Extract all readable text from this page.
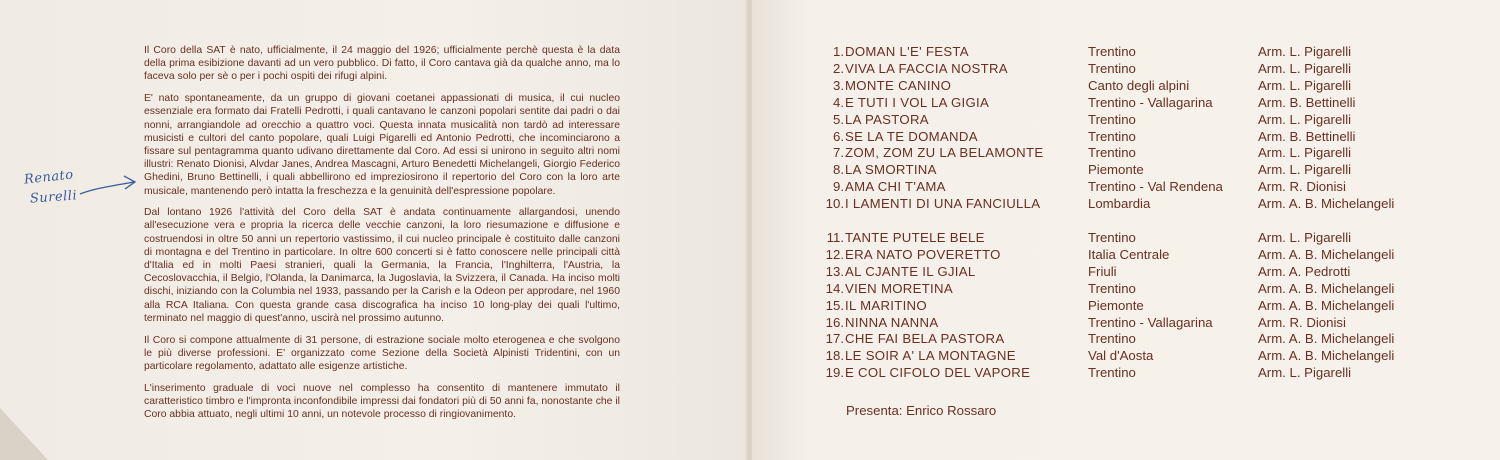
Il Coro della SAT è nato, ufficialmente, il 24 maggio del 1926; ufficialmente perchè questa è la data della prima esibizione davanti ad un vero pubblico. Di fatto, il Coro cantava già da qualche anno, ma lo faceva solo per sè o per i pochi ospiti dei rifugi alpini.

E' nato spontaneamente, da un gruppo di giovani coetanei appassionati di musica, il cui nucleo essenziale era formato dai Fratelli Pedrotti, i quali cantavano le canzoni popolari sentite dai padri o dai nonni, arrangiandole ad orecchio a quattro voci. Questa innata musicalità non tardò ad interessare musicisti e cultori del canto popolare, quali Luigi Pigarelli ed Antonio Pedrotti, che incominciarono a fissare sul pentagramma quanto udivano direttamente dal Coro. Ad essi si unirono in seguito altri nomi illustri: Renato Dionisi, Alvdar Janes, Andrea Mascagni, Arturo Benedetti Michelangeli, Giorgio Federico Ghedini, Bruno Bettinelli, i quali abbellirono ed impreziosirono il repertorio del Coro con la loro arte musicale, mantenendo però intatta la freschezza e la genuinità dell'espressione popolare.

Dal lontano 1926 l'attività del Coro della SAT è andata continuamente allargandosi, unendo all'esecuzione vera e propria la ricerca delle vecchie canzoni, la loro riesumazione e diffusione e costruendosi in oltre 50 anni un repertorio vastissimo, il cui nucleo principale è costituito dalle canzoni di montagna e del Trentino in particolare. In oltre 600 concerti si è fatto conoscere nelle principali città d'Italia ed in molti Paesi stranieri, quali la Germania, la Francia, l'Inghilterra, l'Austria, la Cecoslovacchia, il Belgio, l'Olanda, la Danimarca, la Jugoslavia, la Svizzera, il Canada. Ha inciso molti dischi, iniziando con la Columbia nel 1933, passando per la Carish e la Odeon per approdare, nel 1960 alla RCA Italiana. Con questa grande casa discografica ha inciso 10 long-play dei quali l'ultimo, terminato nel maggio di quest'anno, uscirà nel prossimo autunno.

Il Coro si compone attualmente di 31 persone, di estrazione sociale molto eterogenea e che svolgono le più diverse professioni. E' organizzato come Sezione della Società Alpinisti Tridentini, con un particolare regolamento, adattato alle esigenze artistiche.

L'inserimento graduale di voci nuove nel complesso ha consentito di mantenere immutato il caratteristico timbro e l'impronta inconfondibile impressi dai fondatori più di 50 anni fa, nonostante che il Coro abbia attuato, negli ultimi 10 anni, un notevole processo di ringiovanimento.

Renato
Surelli
1. DOMAN L'E' FESTA	Trentino	Arm. L. Pigarelli
2. VIVA LA FACCIA NOSTRA	Trentino	Arm. L. Pigarelli
3. MONTE CANINO	Canto degli alpini	Arm. L. Pigarelli
4. E TUTI I VOL LA GIGIA	Trentino - Vallagarina	Arm. B. Bettinelli
5. LA PASTORA	Trentino	Arm. L. Pigarelli
6. SE LA TE DOMANDA	Trentino	Arm. B. Bettinelli
7. ZOM, ZOM ZU LA BELAMONTE	Trentino	Arm. L. Pigarelli
8. LA SMORTINA	Piemonte	Arm. L. Pigarelli
9. AMA CHI T'AMA	Trentino - Val Rendena	Arm. R. Dionisi
10. I LAMENTI DI UNA FANCIULLA	Lombardia	Arm. A. B. Michelangeli
11. TANTE PUTELE BELE	Trentino	Arm. L. Pigarelli
12. ERA NATO POVERETTO	Italia Centrale	Arm. A. B. Michelangeli
13. AL CJANTE IL GJIAL	Friuli	Arm. A. Pedrotti
14. VIEN MORETINA	Trentino	Arm. A. B. Michelangeli
15. IL MARITINO	Piemonte	Arm. A. B. Michelangeli
16. NINNA NANNA	Trentino - Vallagarina	Arm. R. Dionisi
17. CHE FAI BELA PASTORA	Trentino	Arm. A. B. Michelangeli
18. LE SOIR A' LA MONTAGNE	Val d'Aosta	Arm. A. B. Michelangeli
19. E COL CIFOLO DEL VAPORE	Trentino	Arm. L. Pigarelli
Presenta: Enrico Rossaro
